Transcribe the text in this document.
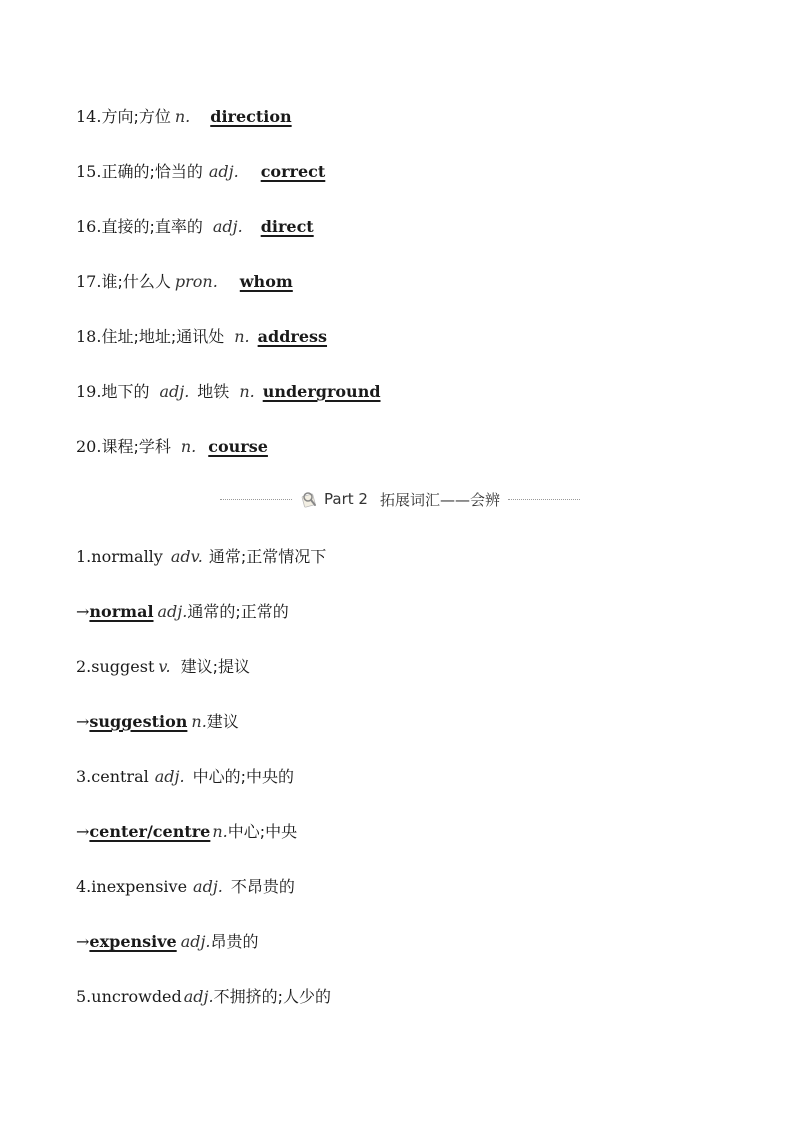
14.方向;方位 n. direction
15.正确的;恰当的 adj. correct
16.直接的;直率的 adj. direct
17.谁;什么人 pron. whom
18.住址;地址;通讯处 n. address
19.地下的 adj. 地铁 n. underground
20.课程;学科 n. course
Part 2 拓展词汇——会辨
1.normally adv. 通常;正常情况下
→normal adj.通常的;正常的
2.suggest v. 建议;提议
→suggestion n.建议
3.central adj. 中心的;中央的
→center/centre n.中心;中央
4.inexpensive adj. 不昂贵的
→expensive adj.昂贵的
5.uncrowded adj.不拥挤的;人少的
